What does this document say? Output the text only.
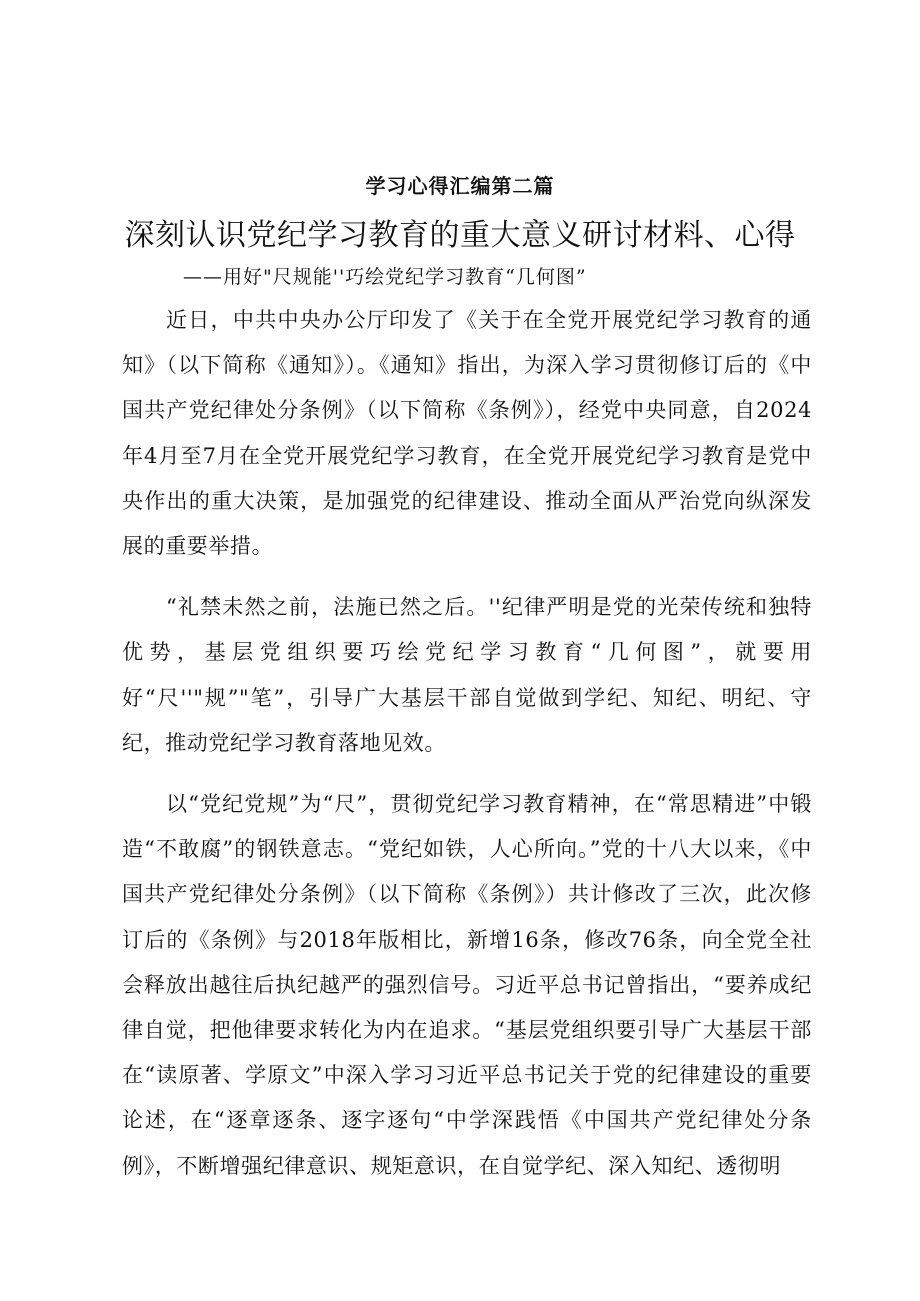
学习心得汇编第二篇
深刻认识党纪学习教育的重大意义研讨材料、心得
——用好"尺规能''巧绘党纪学习教育“几何图”

近日，中共中央办公厅印发了《关于在全党开展党纪学习教育的通知》（以下简称《通知》）。《通知》指出，为深入学习贯彻修订后的《中国共产党纪律处分条例》（以下简称《条例》），经党中央同意，自2024年4月至7月在全党开展党纪学习教育，在全党开展党纪学习教育是党中央作出的重大决策，是加强党的纪律建设、推动全面从严治党向纵深发展的重要举措。

“礼禁未然之前，法施已然之后。''纪律严明是党的光荣传统和独特优势，基层党组织要巧绘党纪学习教育“几何图”，就要用好“尺''"规”"笔”，引导广大基层干部自觉做到学纪、知纪、明纪、守纪，推动党纪学习教育落地见效。

以“党纪党规”为“尺”，贯彻党纪学习教育精神，在“常思精进”中锻造“不敢腐”的钢铁意志。“党纪如铁，人心所向。”党的十八大以来，《中国共产党纪律处分条例》（以下简称《条例》）共计修改了三次，此次修订后的《条例》与2018年版相比，新增16条，修改76条，向全党全社会释放出越往后执纪越严的强烈信号。习近平总书记曾指出，“要养成纪律自觉，把他律要求转化为内在追求。“基层党组织要引导广大基层干部在“读原著、学原文”中深入学习习近平总书记关于党的纪律建设的重要论述，在“逐章逐条、逐字逐句“中学深践悟《中国共产党纪律处分条例》，不断增强纪律意识、规矩意识，在自觉学纪、深入知纪、透彻明
